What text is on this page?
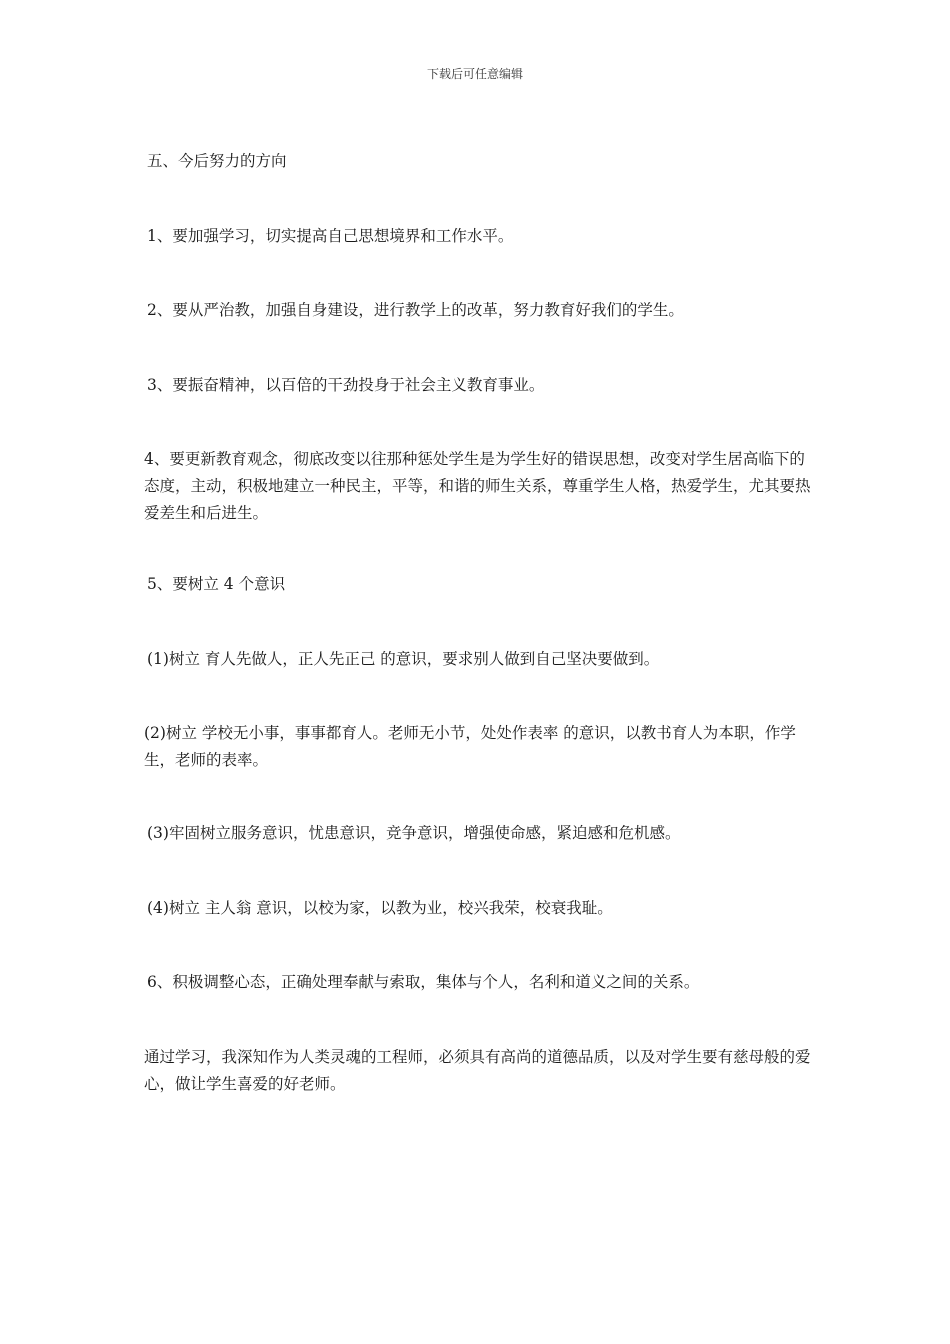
下载后可任意编辑

五、今后努力的方向

1、要加强学习，切实提高自己思想境界和工作水平。

2、要从严治教，加强自身建设，进行教学上的改革，努力教育好我们的学生。

3、要振奋精神，以百倍的干劲投身于社会主义教育事业。

4、要更新教育观念，彻底改变以往那种惩处学生是为学生好的错误思想，改变对学生居高临下的态度，主动，积极地建立一种民主，平等，和谐的师生关系，尊重学生人格，热爱学生，尤其要热爱差生和后进生。

5、要树立 4 个意识

(1)树立 育人先做人，正人先正己 的意识，要求别人做到自己坚决要做到。

(2)树立 学校无小事，事事都育人。老师无小节，处处作表率 的意识，以教书育人为本职，作学生，老师的表率。

(3)牢固树立服务意识，忧患意识，竞争意识，增强使命感，紧迫感和危机感。

(4)树立 主人翁 意识，以校为家，以教为业，校兴我荣，校衰我耻。

6、积极调整心态，正确处理奉献与索取，集体与个人，名利和道义之间的关系。

通过学习，我深知作为人类灵魂的工程师，必须具有高尚的道德品质，以及对学生要有慈母般的爱心，做让学生喜爱的好老师。
